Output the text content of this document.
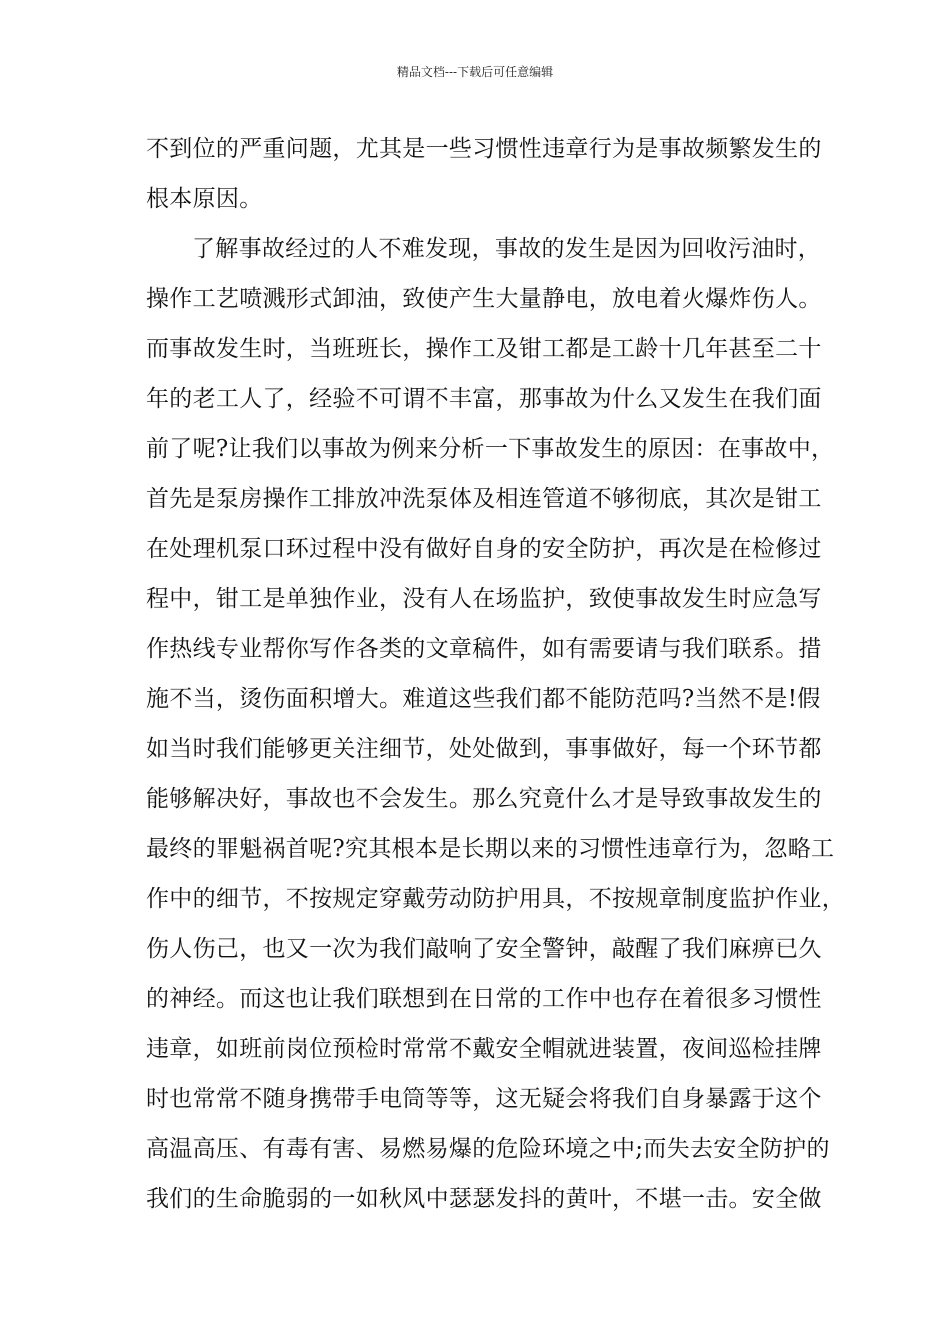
精品文档---下载后可任意编辑
不到位的严重问题，尤其是一些习惯性违章行为是事故频繁发生的
根本原因。
了解事故经过的人不难发现，事故的发生是因为回收污油时，
操作工艺喷溅形式卸油，致使产生大量静电，放电着火爆炸伤人。
而事故发生时，当班班长，操作工及钳工都是工龄十几年甚至二十
年的老工人了，经验不可谓不丰富，那事故为什么又发生在我们面
前了呢?让我们以事故为例来分析一下事故发生的原因：在事故中，
首先是泵房操作工排放冲洗泵体及相连管道不够彻底，其次是钳工
在处理机泵口环过程中没有做好自身的安全防护，再次是在检修过
程中，钳工是单独作业，没有人在场监护，致使事故发生时应急写
作热线专业帮你写作各类的文章稿件，如有需要请与我们联系。措
施不当，烫伤面积增大。难道这些我们都不能防范吗?当然不是!假
如当时我们能够更关注细节，处处做到，事事做好，每一个环节都
能够解决好，事故也不会发生。那么究竟什么才是导致事故发生的
最终的罪魁祸首呢?究其根本是长期以来的习惯性违章行为，忽略工
作中的细节，不按规定穿戴劳动防护用具，不按规章制度监护作业，
伤人伤己，也又一次为我们敲响了安全警钟，敲醒了我们麻痹已久
的神经。而这也让我们联想到在日常的工作中也存在着很多习惯性
违章，如班前岗位预检时常常不戴安全帽就进装置，夜间巡检挂牌
时也常常不随身携带手电筒等等，这无疑会将我们自身暴露于这个
高温高压、有毒有害、易燃易爆的危险环境之中;而失去安全防护的
我们的生命脆弱的一如秋风中瑟瑟发抖的黄叶，不堪一击。安全做
